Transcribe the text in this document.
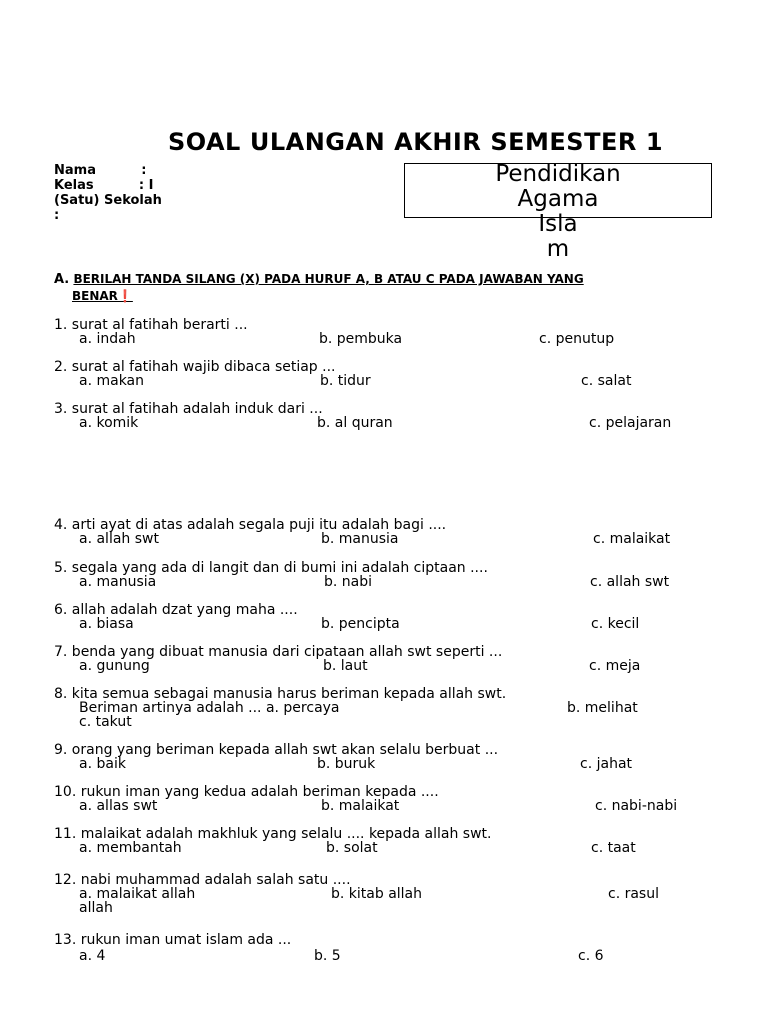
SOAL ULANGAN AKHIR SEMESTER 1
Nama          :
Kelas          : I
(Satu) Sekolah
:
Pendidikan
Agama
Isla
m
A. BERILAH TANDA SILANG (X) PADA HURUF A, B ATAU C PADA JAWABAN YANG
BENAR❗
1. surat al fatihah berarti ...
a. indah	b. pembuka	c. penutup
2. surat al fatihah wajib dibaca setiap ...
a. makan	b. tidur	c. salat
3. surat al fatihah adalah induk dari ...
a. komik	b. al quran	c. pelajaran
4. arti ayat di atas adalah segala puji itu adalah bagi ....
a. allah swt	b. manusia	c. malaikat
5. segala yang ada di langit dan di bumi ini adalah ciptaan ....
a. manusia	b. nabi	c. allah swt
6. allah adalah dzat yang maha ....
a. biasa	b. pencipta	c. kecil
7. benda yang dibuat manusia dari cipataan allah swt seperti ...
a. gunung	b. laut	c. meja
8. kita semua sebagai manusia harus beriman kepada allah swt.
Beriman artinya adalah ... a. percaya	b. melihat
c. takut
9. orang yang beriman kepada allah swt akan selalu berbuat ...
a. baik	b. buruk	c. jahat
10. rukun iman yang kedua adalah beriman kepada ....
a. allas swt	b. malaikat	c. nabi-nabi
11. malaikat adalah makhluk yang selalu .... kepada allah swt.
a. membantah	b. solat	c. taat
12. nabi muhammad adalah salah satu ....
a. malaikat allah	b. kitab allah	c. rasul
allah
13. rukun iman umat islam ada ...
a. 4	b. 5	c. 6
